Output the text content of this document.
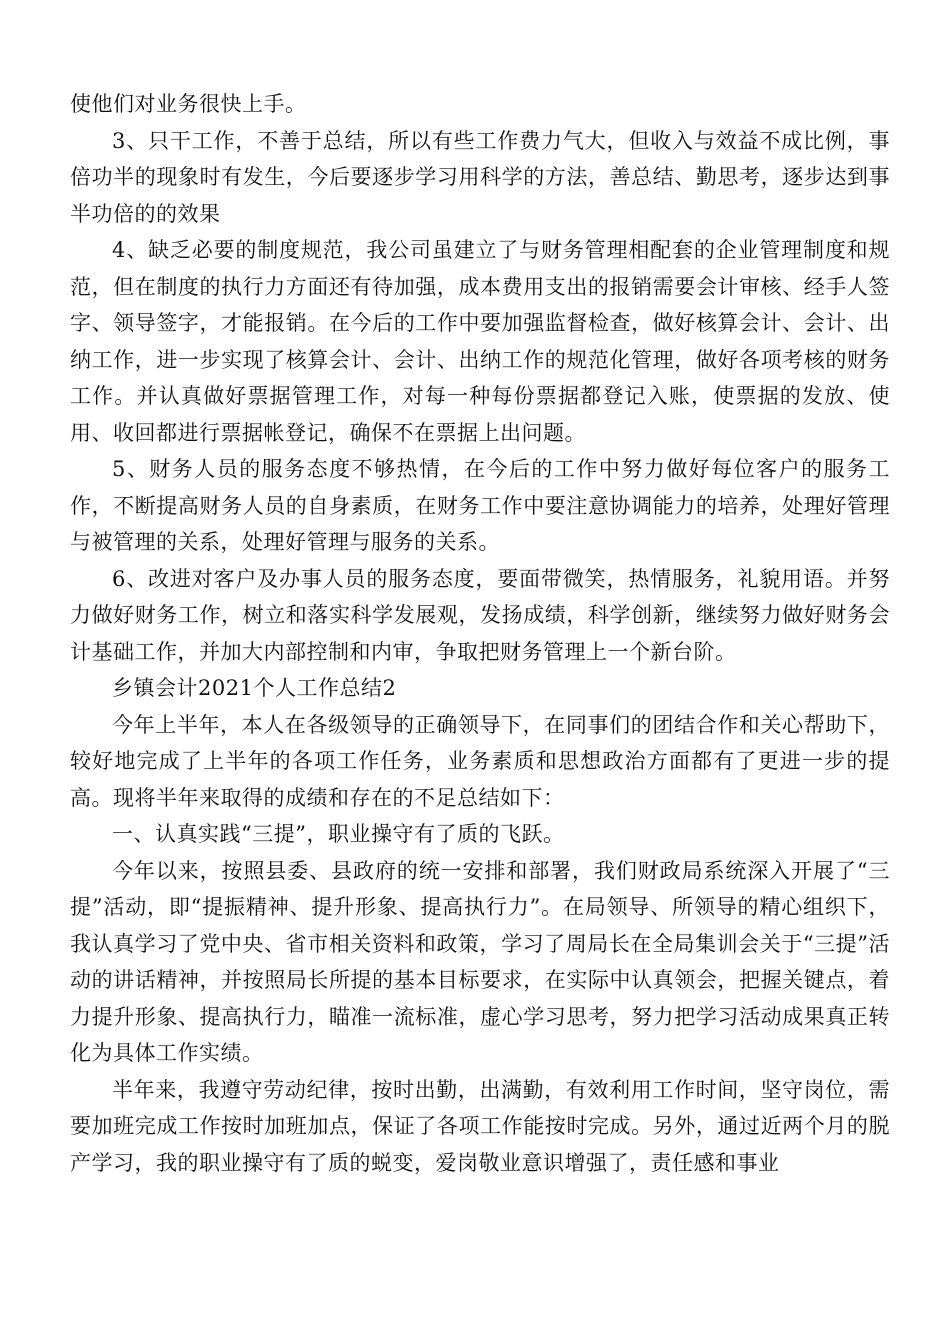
使他们对业务很快上手。

3、只干工作，不善于总结，所以有些工作费力气大，但收入与效益不成比例，事倍功半的现象时有发生，今后要逐步学习用科学的方法，善总结、勤思考，逐步达到事半功倍的的效果

4、缺乏必要的制度规范，我公司虽建立了与财务管理相配套的企业管理制度和规范，但在制度的执行力方面还有待加强，成本费用支出的报销需要会计审核、经手人签字、领导签字，才能报销。在今后的工作中要加强监督检查，做好核算会计、会计、出纳工作，进一步实现了核算会计、会计、出纳工作的规范化管理，做好各项考核的财务工作。并认真做好票据管理工作，对每一种每份票据都登记入账，使票据的发放、使用、收回都进行票据帐登记，确保不在票据上出问题。

5、财务人员的服务态度不够热情，在今后的工作中努力做好每位客户的服务工作，不断提高财务人员的自身素质，在财务工作中要注意协调能力的培养，处理好管理与被管理的关系，处理好管理与服务的关系。

6、改进对客户及办事人员的服务态度，要面带微笑，热情服务，礼貌用语。并努力做好财务工作，树立和落实科学发展观，发扬成绩，科学创新，继续努力做好财务会计基础工作，并加大内部控制和内审，争取把财务管理上一个新台阶。

乡镇会计2021个人工作总结2

今年上半年，本人在各级领导的正确领导下，在同事们的团结合作和关心帮助下，较好地完成了上半年的各项工作任务，业务素质和思想政治方面都有了更进一步的提高。现将半年来取得的成绩和存在的不足总结如下：

一、认真实践“三提”，职业操守有了质的飞跃。

今年以来，按照县委、县政府的统一安排和部署，我们财政局系统深入开展了“三提”活动，即“提振精神、提升形象、提高执行力”。在局领导、所领导的精心组织下，我认真学习了党中央、省市相关资料和政策，学习了周局长在全局集训会关于“三提”活动的讲话精神，并按照局长所提的基本目标要求，在实际中认真领会，把握关键点，着力提升形象、提高执行力，瞄准一流标准，虚心学习思考，努力把学习活动成果真正转化为具体工作实绩。

半年来，我遵守劳动纪律，按时出勤，出满勤，有效利用工作时间，坚守岗位，需要加班完成工作按时加班加点，保证了各项工作能按时完成。另外，通过近两个月的脱产学习，我的职业操守有了质的蜕变，爱岗敬业意识增强了，责任感和事业
